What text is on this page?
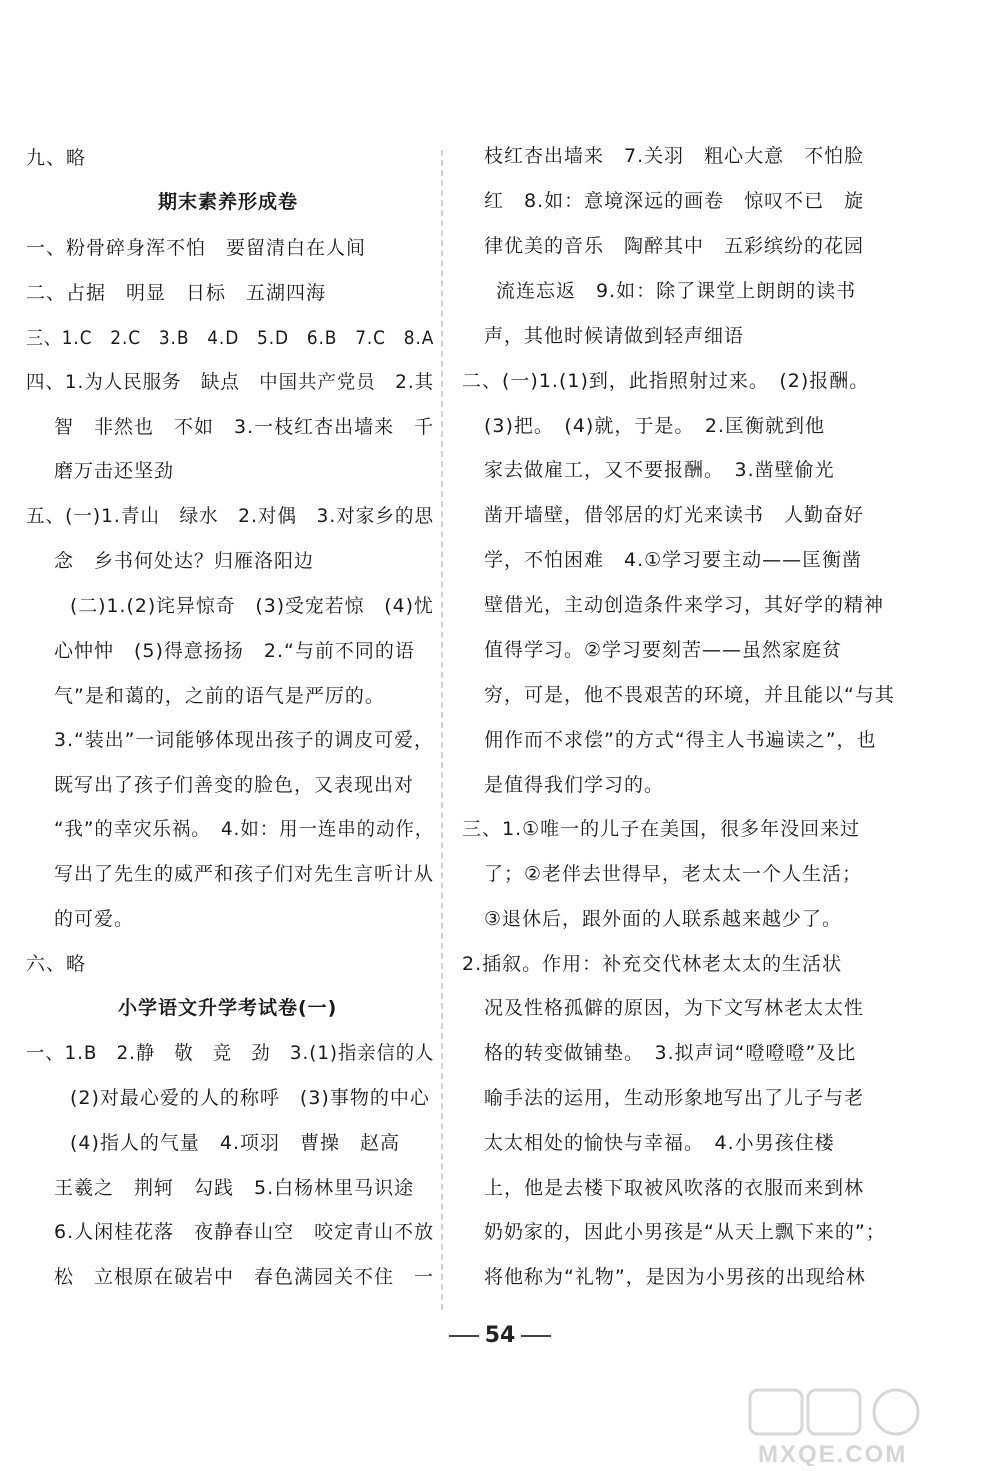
九、略
期末素养形成卷
一、粉骨碎身浑不怕　要留清白在人间
二、占据　明显　日标　五湖四海
三、1.C　2.C　3.B　4.D　5.D　6.B　7.C　8.A
四、1.为人民服务　缺点　中国共产党员　2.其
智　非然也　不如　3.一枝红杏出墙来　千
磨万击还坚劲
五、(一)1.青山　绿水　2.对偶　3.对家乡的思
念　乡书何处达？归雁洛阳边
(二)1.(2)诧异惊奇　(3)受宠若惊　(4)忧
心忡忡　(5)得意扬扬　2.“与前不同的语
气”是和蔼的，之前的语气是严厉的。
3.“装出”一词能够体现出孩子的调皮可爱，
既写出了孩子们善变的脸色，又表现出对
“我”的幸灾乐祸。　4.如：用一连串的动作，
写出了先生的威严和孩子们对先生言听计从
的可爱。
六、略
小学语文升学考试卷(一)
一、1.B　2.静　敬　竞　劲　3.(1)指亲信的人
(2)对最心爱的人的称呼　(3)事物的中心
(4)指人的气量　4.项羽　曹操　赵高
王羲之　荆轲　勾践　5.白杨林里马识途
6.人闲桂花落　夜静春山空　咬定青山不放
松　立根原在破岩中　春色满园关不住　一
枝红杏出墙来　7.关羽　粗心大意　不怕脸
红　8.如：意境深远的画卷　惊叹不已　旋
律优美的音乐　陶醉其中　五彩缤纷的花园
流连忘返　9.如：除了课堂上朗朗的读书
声，其他时候请做到轻声细语
二、(一)1.(1)到，此指照射过来。　(2)报酬。
(3)把。　(4)就，于是。　2.匡衡就到他
家去做雇工，又不要报酬。　3.凿壁偷光
凿开墙壁，借邻居的灯光来读书　人勤奋好
学，不怕困难　4.①学习要主动——匡衡凿
壁借光，主动创造条件来学习，其好学的精神
值得学习。②学习要刻苦——虽然家庭贫
穷，可是，他不畏艰苦的环境，并且能以“与其
佣作而不求偿”的方式“得主人书遍读之”，也
是值得我们学习的。
三、1.①唯一的儿子在美国，很多年没回来过
了；②老伴去世得早，老太太一个人生活；
③退休后，跟外面的人联系越来越少了。
2.插叙。作用：补充交代林老太太的生活状
况及性格孤僻的原因，为下文写林老太太性
格的转变做铺垫。　3.拟声词“噔噔噔”及比
喻手法的运用，生动形象地写出了儿子与老
太太相处的愉快与幸福。　4.小男孩住楼
上，他是去楼下取被风吹落的衣服而来到林
奶奶家的，因此小男孩是“从天上飘下来的”；
将他称为“礼物”，是因为小男孩的出现给林
54
MXQE.COM
